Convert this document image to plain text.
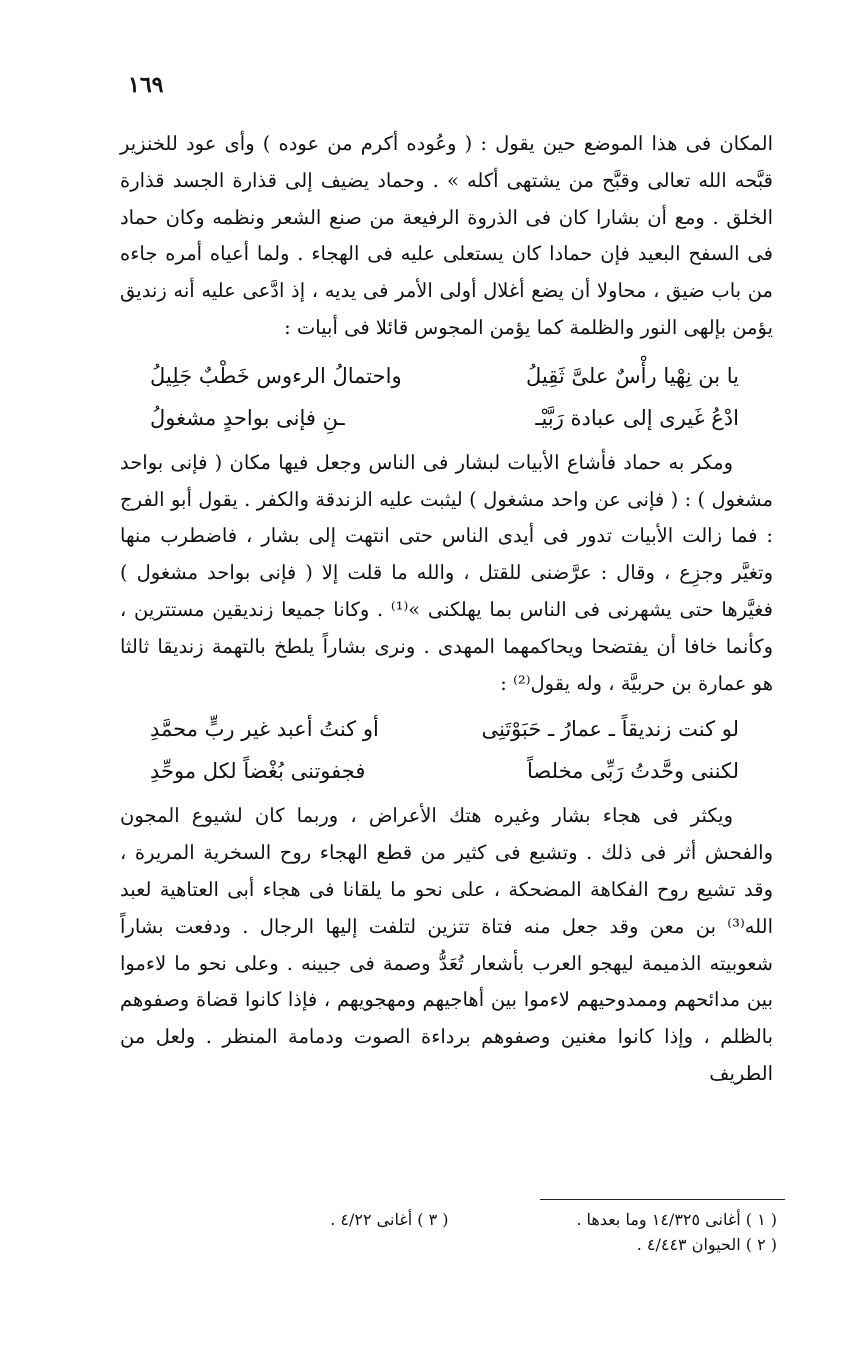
١٦٩

المكان فى هذا الموضع حين يقول : ( وعُوده أكرم من عوده ) وأى عود للخنزير قبَّحه الله تعالى وقبَّح من يشتهى أكله » . وحماد يضيف إلى قذارة الجسد قذارة الخلق . ومع أن بشارا كان فى الذروة الرفيعة من صنع الشعر ونظمه وكان حماد فى السفح البعيد فإن حمادا كان يستعلى عليه فى الهجاء . ولما أعياه أمره جاءه من باب ضيق ، محاولا أن يضع أغلال أولى الأمر فى يديه ، إذ ادَّعى عليه أنه زنديق يؤمن بإلهى النور والظلمة كما يؤمن المجوس قائلا فى أبيات :

يا بن نِهْيا رأْسٌ علىَّ ثَقِيلُ
واحتمالُ الرءوس خَطْبٌ جَلِيلُ
ادْعُ غَيرى إلى عبادة رَبَّيْـ
ـنِ فإنى بواحدٍ مشغولُ

ومكر به حماد فأشاع الأبيات لبشار فى الناس وجعل فيها مكان ( فإنى بواحد مشغول ) : ( فإنى عن واحد مشغول ) ليثبت عليه الزندقة والكفر . يقول أبو الفرج : فما زالت الأبيات تدور فى أيدى الناس حتى انتهت إلى بشار ، فاضطرب منها وتغيَّر وجزِع ، وقال : عرَّضنى للقتل ، والله ما قلت إلا ( فإنى بواحد مشغول ) فغيَّرها حتى يشهرنى فى الناس بما يهلكنى »⁽¹⁾ . وكانا جميعا زنديقين مستترين ، وكأنما خافا أن يفتضحا ويحاكمهما المهدى . ونرى بشاراً يلطخ بالتهمة زنديقا ثالثا هو عمارة بن حربيَّة ، وله يقول⁽²⁾ :

لو كنت زنديقاً ـ عمارُ ـ حَبَوْتَنِى
أو كنتُ أعبد غير ربٍّ محمَّدِ
لكننى وحَّدتُ رَبِّى مخلصاً
فجفوتنى بُغْضاً لكل موحِّدِ

ويكثر فى هجاء بشار وغيره هتك الأعراض ، وربما كان لشيوع المجون والفحش أثر فى ذلك . وتشيع فى كثير من قطع الهجاء روح السخرية المريرة ، وقد تشيع روح الفكاهة المضحكة ، على نحو ما يلقانا فى هجاء أبى العتاهية لعبد الله⁽³⁾ بن معن وقد جعل منه فتاة تتزين لتلفت إليها الرجال . ودفعت بشاراً شعوبيته الذميمة ليهجو العرب بأشعار تُعَدُّ وصمة فى جبينه . وعلى نحو ما لاءموا بين مدائحهم وممدوحيهم لاءموا بين أهاجيهم ومهجويهم ، فإذا كانوا قضاة وصفوهم بالظلم ، وإذا كانوا مغنين وصفوهم برداءة الصوت ودمامة المنظر . ولعل من الطريف

( ١ ) أغانى ١٤/٣٢٥ وما بعدها .
( ٣ ) أغانى ٤/٢٢ .
( ٢ ) الحيوان ٤/٤٤٣ .
